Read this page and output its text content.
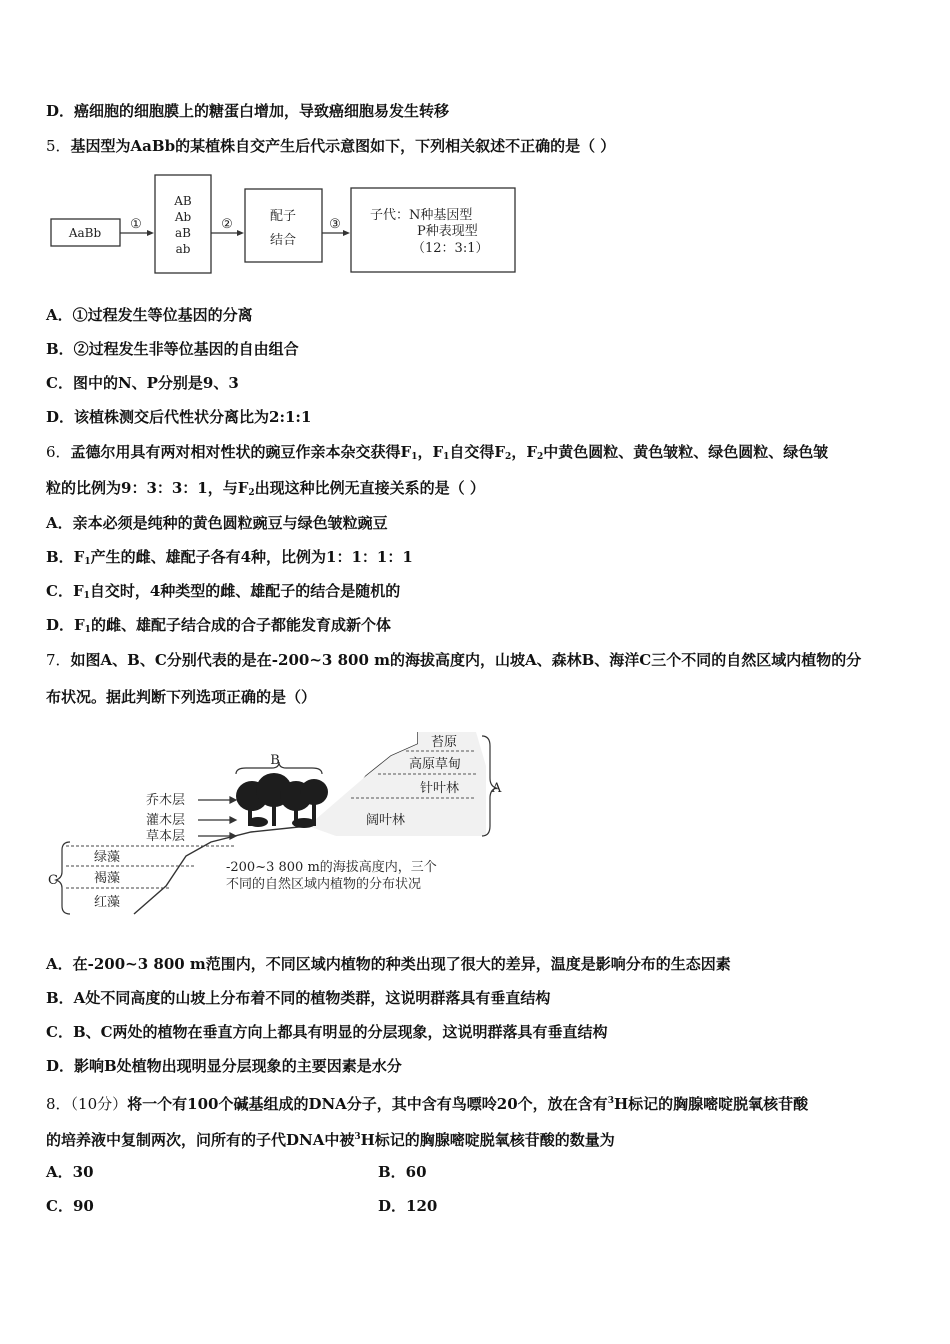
D．癌细胞的细胞膜上的糖蛋白增加，导致癌细胞易发生转移
5．基因型为AaBb的某植株自交产生后代示意图如下，下列相关叙述不正确的是（ ）
AaBb
①
AB
Ab
aB
ab
②
配子
结合
③
子代：N种基因型
P种表现型
（12：3:1）
A．①过程发生等位基因的分离
B．②过程发生非等位基因的自由组合
C．图中的N、P分别是9、3
D．该植株测交后代性状分离比为2:1:1
6．孟德尔用具有两对相对性状的豌豆作亲本杂交获得$F_1$，$F_1$自交得$F_2$，$F_2$中黄色圆粒、黄色皱粒、绿色圆粒、绿色皱
粒的比例为9：3：3：1，与$F_2$出现这种比例无直接关系的是（ ）
A．亲本必须是纯种的黄色圆粒豌豆与绿色皱粒豌豆
B．$F_1$产生的雌、雄配子各有4种，比例为1：1：1：1
C．$F_1$自交时，4种类型的雌、雄配子的结合是随机的
D．$F_1$的雌、雄配子结合成的合子都能发育成新个体
7．如图A、B、C分别代表的是在-200~3 800 m的海拔高度内，山坡A、森林B、海洋C三个不同的自然区域内植物的分
布状况。据此判断下列选项正确的是（）
乔木层
灌木层
草本层
B
苔原
高原草甸
针叶林
阔叶林
A
绿藻
褐藻
红藻
C
-200~3 800 m的海拔高度内，三个
不同的自然区域内植物的分布状况
A．在-200~3 800 m范围内，不同区域内植物的种类出现了很大的差异，温度是影响分布的生态因素
B．A处不同高度的山坡上分布着不同的植物类群，这说明群落具有垂直结构
C．B、C两处的植物在垂直方向上都具有明显的分层现象，这说明群落具有垂直结构
D．影响B处植物出现明显分层现象的主要因素是水分
8．（10分）将一个有100个碱基组成的DNA分子，其中含有鸟嘌呤20个，放在含有$^3$H标记的胸腺嘧啶脱氧核苷酸
的培养液中复制两次，问所有的子代DNA中被$^3$H标记的胸腺嘧啶脱氧核苷酸的数量为
A．30	B．60
C．90	D．120
